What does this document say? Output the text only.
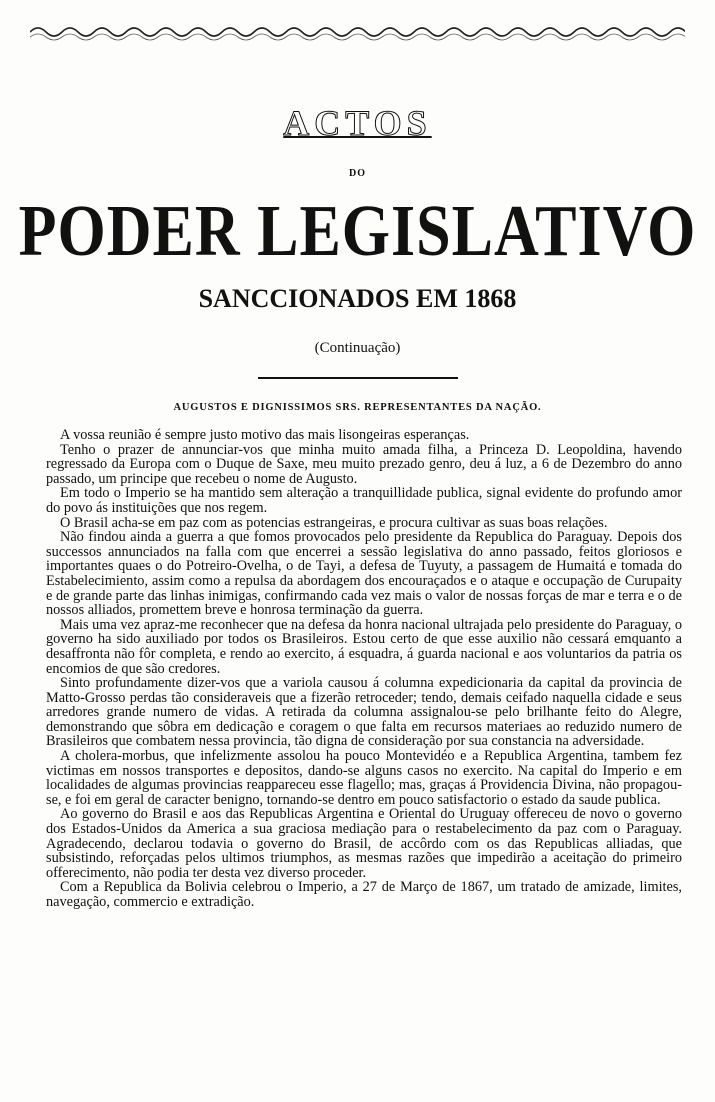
ACTOS
DO
PODER LEGISLATIVO
SANCCIONADOS EM 1868
(Continuação)
AUGUSTOS E DIGNISSIMOS SRS. REPRESENTANTES DA NAÇÃO.

A vossa reunião é sempre justo motivo das mais lisongeiras esperanças.

Tenho o prazer de annunciar-vos que minha muito amada filha, a Princeza D. Leopoldina, havendo regressado da Europa com o Duque de Saxe, meu muito prezado genro, deu á luz, a 6 de Dezembro do anno passado, um principe que recebeu o nome de Augusto.

Em todo o Imperio se ha mantido sem alteração a tranquillidade publica, signal evidente do profundo amor do povo ás instituições que nos regem.

O Brasil acha-se em paz com as potencias estrangeiras, e procura cultivar as suas boas relações.

Não findou ainda a guerra a que fomos provocados pelo presidente da Republica do Paraguay. Depois dos successos annunciados na falla com que encerrei a sessão legislativa do anno passado, feitos gloriosos e importantes quaes o do Potreiro-Ovelha, o de Tayi, a defesa de Tuyuty, a passagem de Humaitá e tomada do Estabelecimiento, assim como a repulsa da abordagem dos encouraçados e o ataque e occupação de Curupaity e de grande parte das linhas inimigas, confirmando cada vez mais o valor de nossas forças de mar e terra e o de nossos alliados, promettem breve e honrosa terminação da guerra.

Mais uma vez apraz-me reconhecer que na defesa da honra nacional ultrajada pelo presidente do Paraguay, o governo ha sido auxiliado por todos os Brasileiros. Estou certo de que esse auxilio não cessará emquanto a desaffronta não fôr completa, e rendo ao exercito, á esquadra, á guarda nacional e aos voluntarios da patria os encomios de que são credores.

Sinto profundamente dizer-vos que a variola causou á columna expedicionaria da capital da provincia de Matto-Grosso perdas tão consideraveis que a fizerão retroceder; tendo, demais ceifado naquella cidade e seus arredores grande numero de vidas. A retirada da columna assignalou-se pelo brilhante feito do Alegre, demonstrando que sôbra em dedicação e coragem o que falta em recursos materiaes ao reduzido numero de Brasileiros que combatem nessa provincia, tão digna de consideração por sua constancia na adversidade.

A cholera-morbus, que infelizmente assolou ha pouco Montevidéo e a Republica Argentina, tambem fez victimas em nossos transportes e depositos, dando-se alguns casos no exercito. Na capital do Imperio e em localidades de algumas provincias reappareceu esse flagello; mas, graças á Providencia Divina, não propagou-se, e foi em geral de caracter benigno, tornando-se dentro em pouco satisfactorio o estado da saude publica.

Ao governo do Brasil e aos das Republicas Argentina e Oriental do Uruguay offereceu de novo o governo dos Estados-Unidos da America a sua graciosa mediação para o restabelecimento da paz com o Paraguay. Agradecendo, declarou todavia o governo do Brasil, de accôrdo com os das Republicas alliadas, que subsistindo, reforçadas pelos ultimos triumphos, as mesmas razões que impedirão a aceitação do primeiro offerecimento, não podia ter desta vez diverso proceder.

Com a Republica da Bolivia celebrou o Imperio, a 27 de Março de 1867, um tratado de amizade, limites, navegação, commercio e extradição.
